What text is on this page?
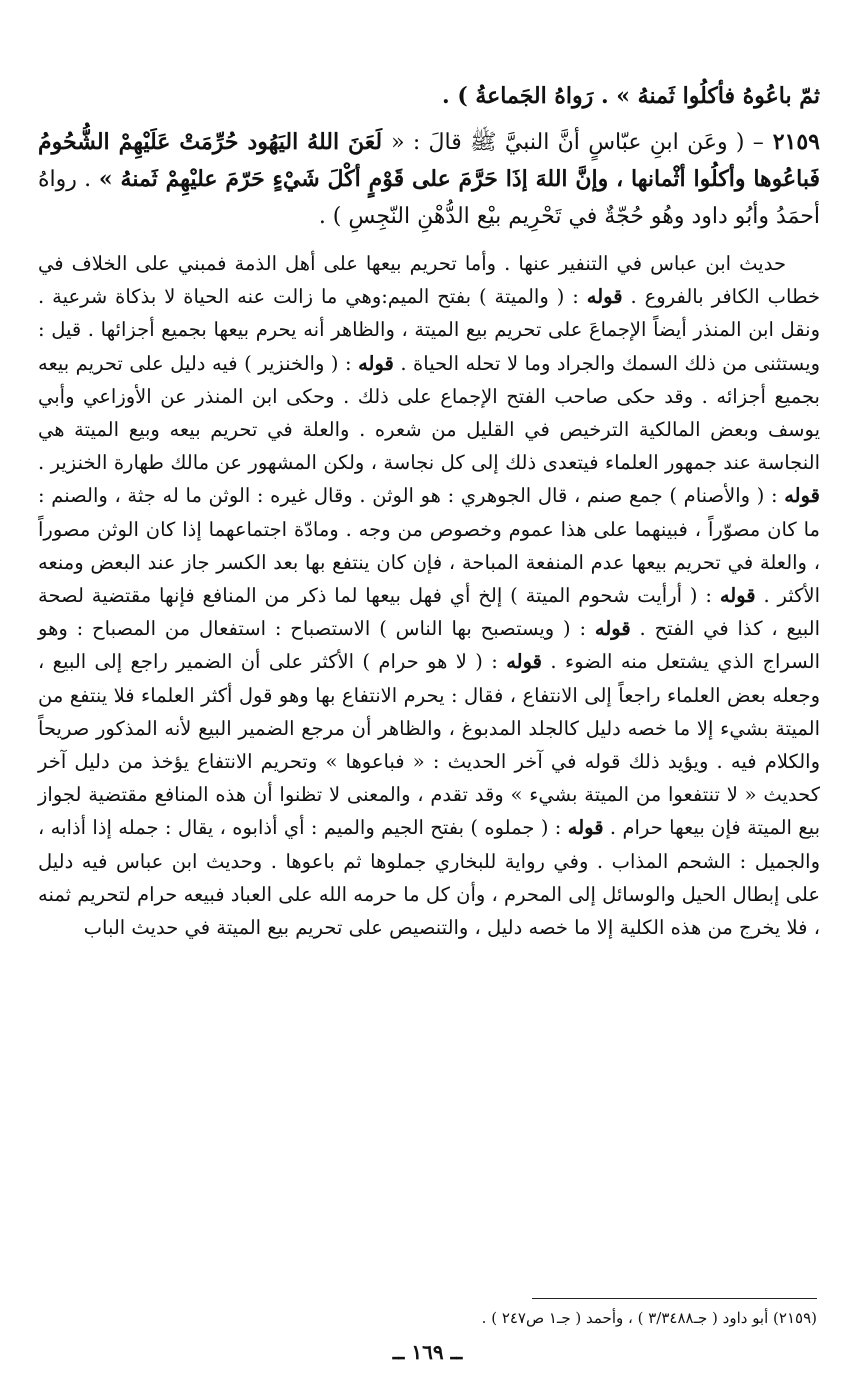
ثمّ باعُوهُ فأكلُوا ثَمنهُ » . رَواهُ الجَماعةُ ) .

٢١٥٩ – ( وعَن ابنِ عبّاسٍ أنَّ النبيَّ ﷺ قالَ : « لَعَنَ اللهُ اليَهُود حُرِّمَتْ عَلَيْهِمْ الشُّحُومُ فَباعُوها وأكلُوا أثْمانها ، وإنَّ اللهَ إذَا حَرَّمَ على قَوْمٍ أكْلَ شَيْءٍ حَرّمَ عليْهِمْ ثَمنهُ » . رواهُ أحمَدُ وأبُو داود وهُو حُجّةٌ في تَحْرِيم بيْع الدُّهْنِ النّجِسِ ) .

حديث ابن عباس في التنفير عنها . وأما تحريم بيعها على أهل الذمة فمبني على الخلاف في خطاب الكافر بالفروع . قوله : ( والميتة ) بفتح الميم:وهي ما زالت عنه الحياة لا بذكاة شرعية . ونقل ابن المنذر أيضاً الإجماعَ على تحريم بيع الميتة ، والظاهر أنه يحرم بيعها بجميع أجزائها . قيل : ويستثنى من ذلك السمك والجراد وما لا تحله الحياة . قوله : ( والخنزير ) فيه دليل على تحريم بيعه بجميع أجزائه . وقد حكى صاحب الفتح الإجماع على ذلك . وحكى ابن المنذر عن الأوزاعي وأبي يوسف وبعض المالكية الترخيص في القليل من شعره . والعلة في تحريم بيعه وبيع الميتة هي النجاسة عند جمهور العلماء فيتعدى ذلك إلى كل نجاسة ، ولكن المشهور عن مالك طهارة الخنزير . قوله : ( والأصنام ) جمع صنم ، قال الجوهري : هو الوثن . وقال غيره : الوثن ما له جثة ، والصنم : ما كان مصوّراً ، فبينهما على هذا عموم وخصوص من وجه . ومادّة اجتماعهما إذا كان الوثن مصوراً ، والعلة في تحريم بيعها عدم المنفعة المباحة ، فإن كان ينتفع بها بعد الكسر جاز عند البعض ومنعه الأكثر . قوله : ( أرأيت شحوم الميتة ) إلخ أي فهل بيعها لما ذكر من المنافع فإنها مقتضية لصحة البيع ، كذا في الفتح . قوله : ( ويستصبح بها الناس ) الاستصباح : استفعال من المصباح : وهو السراج الذي يشتعل منه الضوء . قوله : ( لا هو حرام ) الأكثر على أن الضمير راجع إلى البيع ، وجعله بعض العلماء راجعاً إلى الانتفاع ، فقال : يحرم الانتفاع بها وهو قول أكثر العلماء فلا ينتفع من الميتة بشيء إلا ما خصه دليل كالجلد المدبوغ ، والظاهر أن مرجع الضمير البيع لأنه المذكور صريحاً والكلام فيه . ويؤيد ذلك قوله في آخر الحديث : « فباعوها » وتحريم الانتفاع يؤخذ من دليل آخر كحديث « لا تنتفعوا من الميتة بشيء » وقد تقدم ، والمعنى لا تظنوا أن هذه المنافع مقتضية لجواز بيع الميتة فإن بيعها حرام . قوله : ( جملوه ) بفتح الجيم والميم : أي أذابوه ، يقال : جمله إذا أذابه ، والجميل : الشحم المذاب . وفي رواية للبخاري جملوها ثم باعوها . وحديث ابن عباس فيه دليل على إبطال الحيل والوسائل إلى المحرم ، وأن كل ما حرمه الله على العباد فبيعه حرام لتحريم ثمنه ، فلا يخرج من هذه الكلية إلا ما خصه دليل ، والتنصيص على تحريم بيع الميتة في حديث الباب

(٢١٥٩) أبو داود ( جـ٣/٣٤٨٨ ) ، وأحمد ( جـ١ ص٢٤٧ ) .
ــ ١٦٩ ــ
